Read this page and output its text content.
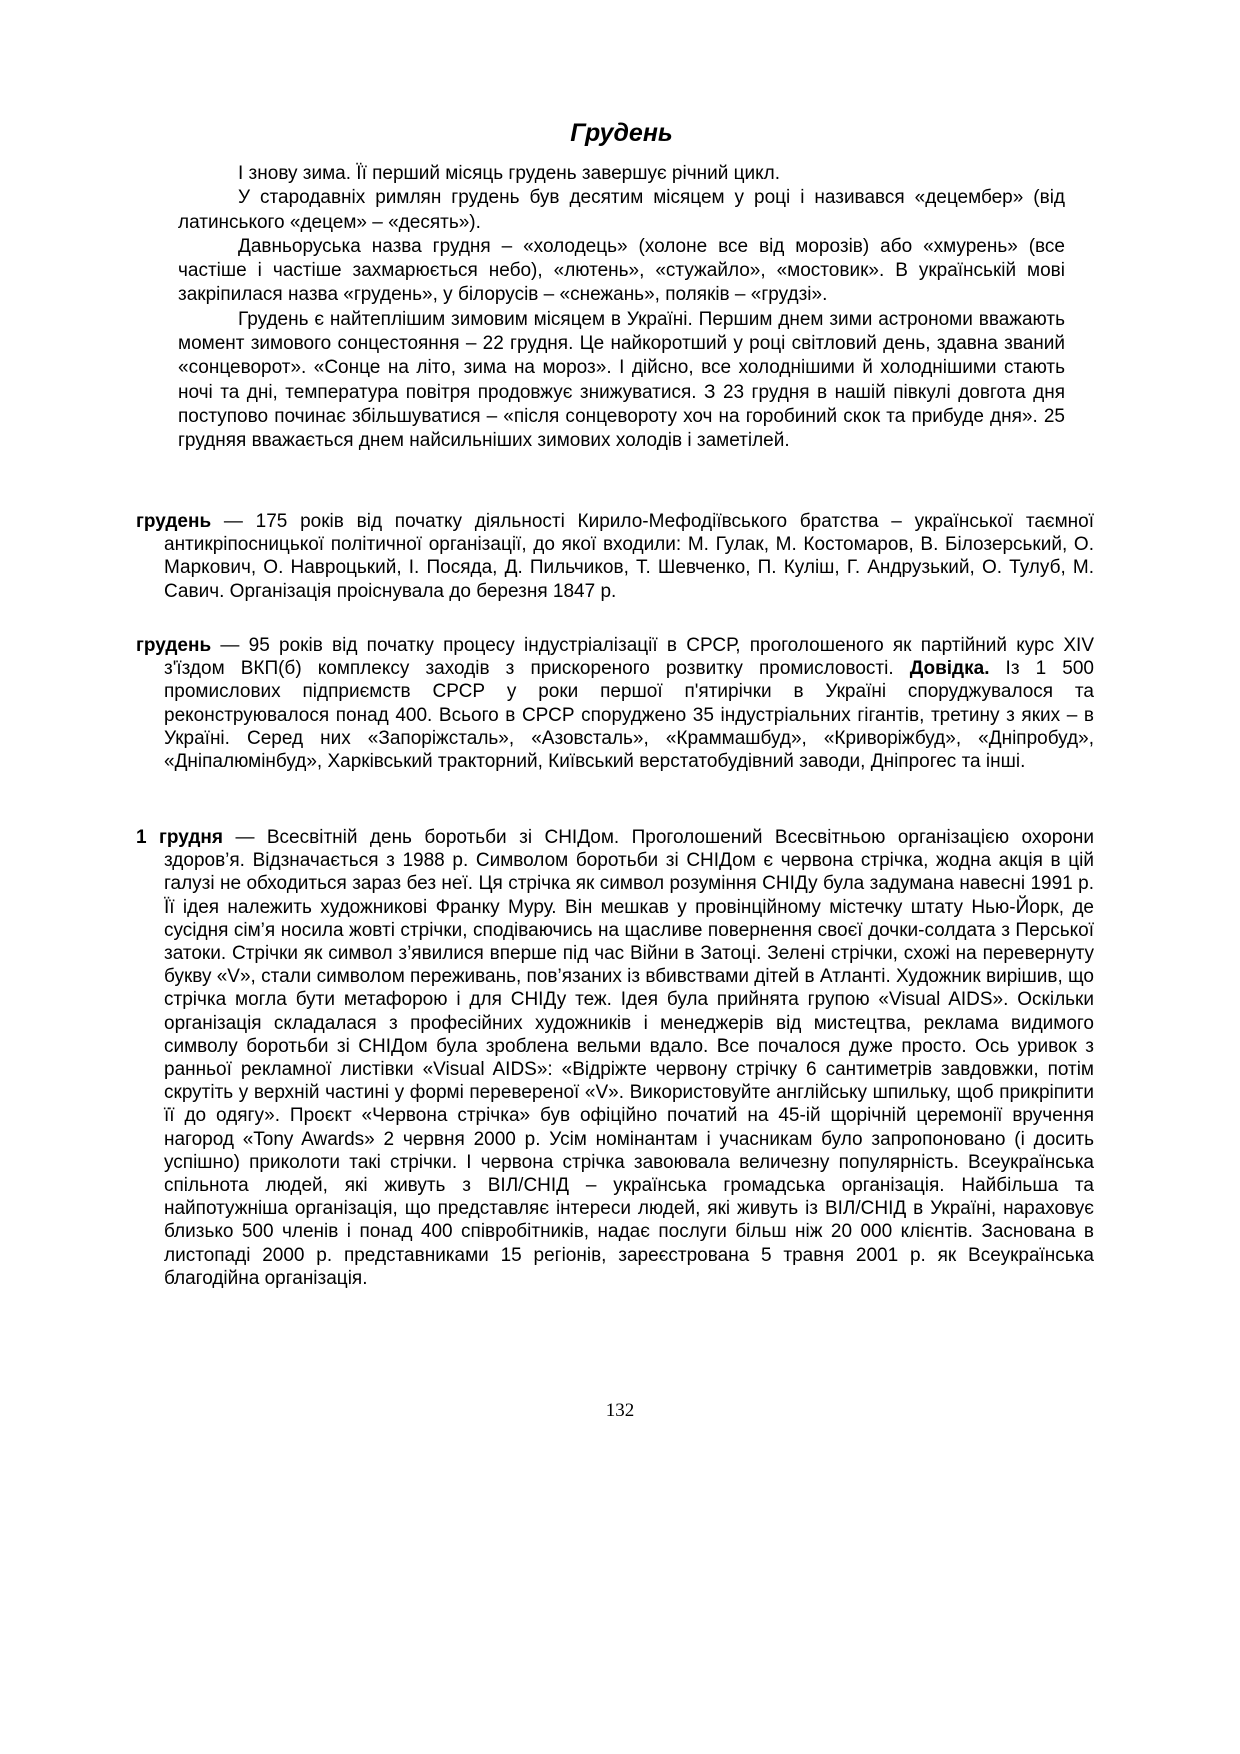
Грудень

І знову зима. Її перший місяць грудень завершує річний цикл.

У стародавніх римлян грудень був десятим місяцем у році і називався «децембер» (від латинського «децем» – «десять»).

Давньоруська назва грудня – «холодець» (холоне все від морозів) або «хмурень» (все частіше і частіше захмарюється небо), «лютень», «стужайло», «мостовик». В українській мові закріпилася назва «грудень», у білорусів – «снежань», поляків – «грудзі».

Грудень є найтеплішим зимовим місяцем в Україні. Першим днем зими астрономи вважають момент зимового сонцестояння – 22 грудня. Це найкоротший у році світловий день, здавна званий «сонцеворот». «Сонце на літо, зима на мороз». І дійсно, все холоднішими й холоднішими стають ночі та дні, температура повітря продовжує знижуватися. З 23 грудня в нашій півкулі довгота дня поступово починає збільшуватися – «після сонцевороту хоч на горобиний скок та прибуде дня». 25 грудняя вважається днем найсильніших зимових холодів і заметілей.

грудень — 175 років від початку діяльності Кирило-Мефодіївського братства – української таємної антикріпосницької політичної організації, до якої входили: М. Гулак, М. Костомаров, В. Білозерський, О. Маркович, О. Навроцький, І. Посяда, Д. Пильчиков, Т. Шевченко, П. Куліш, Г. Андрузький, О. Тулуб, М. Савич. Організація проіснувала до березня 1847 р.

грудень — 95 років від початку процесу індустріалізації в СРСР, проголошеного як партійний курс XIV з'їздом ВКП(б) комплексу заходів з прискореного розвитку промисловості. Довідка. Із 1 500 промислових підприємств СРСР у роки першої п'ятирічки в Україні споруджувалося та реконструювалося понад 400. Всього в СРСР споруджено 35 індустріальних гігантів, третину з яких – в Україні. Серед них «Запоріжсталь», «Азовсталь», «Краммашбуд», «Криворіжбуд», «Дніпробуд», «Дніпалюмінбуд», Харківський тракторний, Київський верстатобудівний заводи, Дніпрогес та інші.

1 грудня — Всесвітній день боротьби зі СНІДом. Проголошений Всесвітньою організацією охорони здоров’я. Відзначається з 1988 р. Символом боротьби зі СНІДом є червона стрічка, жодна акція в цій галузі не обходиться зараз без неї. Ця стрічка як символ розуміння СНІДу була задумана навесні 1991 р. Її ідея належить художникові Франку Муру. Він мешкав у провінційному містечку штату Нью-Йорк, де сусідня сім’я носила жовті стрічки, сподіваючись на щасливе повернення своєї дочки-солдата з Перської затоки. Стрічки як символ з’явилися вперше під час Війни в Затоці. Зелені стрічки, схожі на перевернуту букву «V», стали символом переживань, пов’язаних із вбивствами дітей в Атланті. Художник вирішив, що стрічка могла бути метафорою і для СНІДу теж. Ідея була прийнята групою «Visual AIDS». Оскільки організація складалася з професійних художників і менеджерів від мистецтва, реклама видимого символу боротьби зі СНІДом була зроблена вельми вдало. Все почалося дуже просто. Ось уривок з ранньої рекламної листівки «Visual AIDS»: «Відріжте червону стрічку 6 сантиметрів завдовжки, потім скрутіть у верхній частині у формі перевереної «V». Використовуйте англійську шпильку, щоб прикріпити її до одягу». Проєкт «Червона стрічка» був офіційно початий на 45-ій щорічній церемонії вручення нагород «Tony Awards» 2 червня 2000 р. Усім номінантам і учасникам було запропоновано (і досить успішно) приколоти такі стрічки. І червона стрічка завоювала величезну популярність. Всеукраїнська спільнота людей, які живуть з ВІЛ/СНІД – українська громадська організація. Найбільша та найпотужніша організація, що представляє інтереси людей, які живуть із ВІЛ/СНІД в Україні, нараховує близько 500 членів і понад 400 співробітників, надає послуги більш ніж 20 000 клієнтів. Заснована в листопаді 2000 р. представниками 15 регіонів, зареєстрована 5 травня 2001 р. як Всеукраїнська благодійна організація.

132
